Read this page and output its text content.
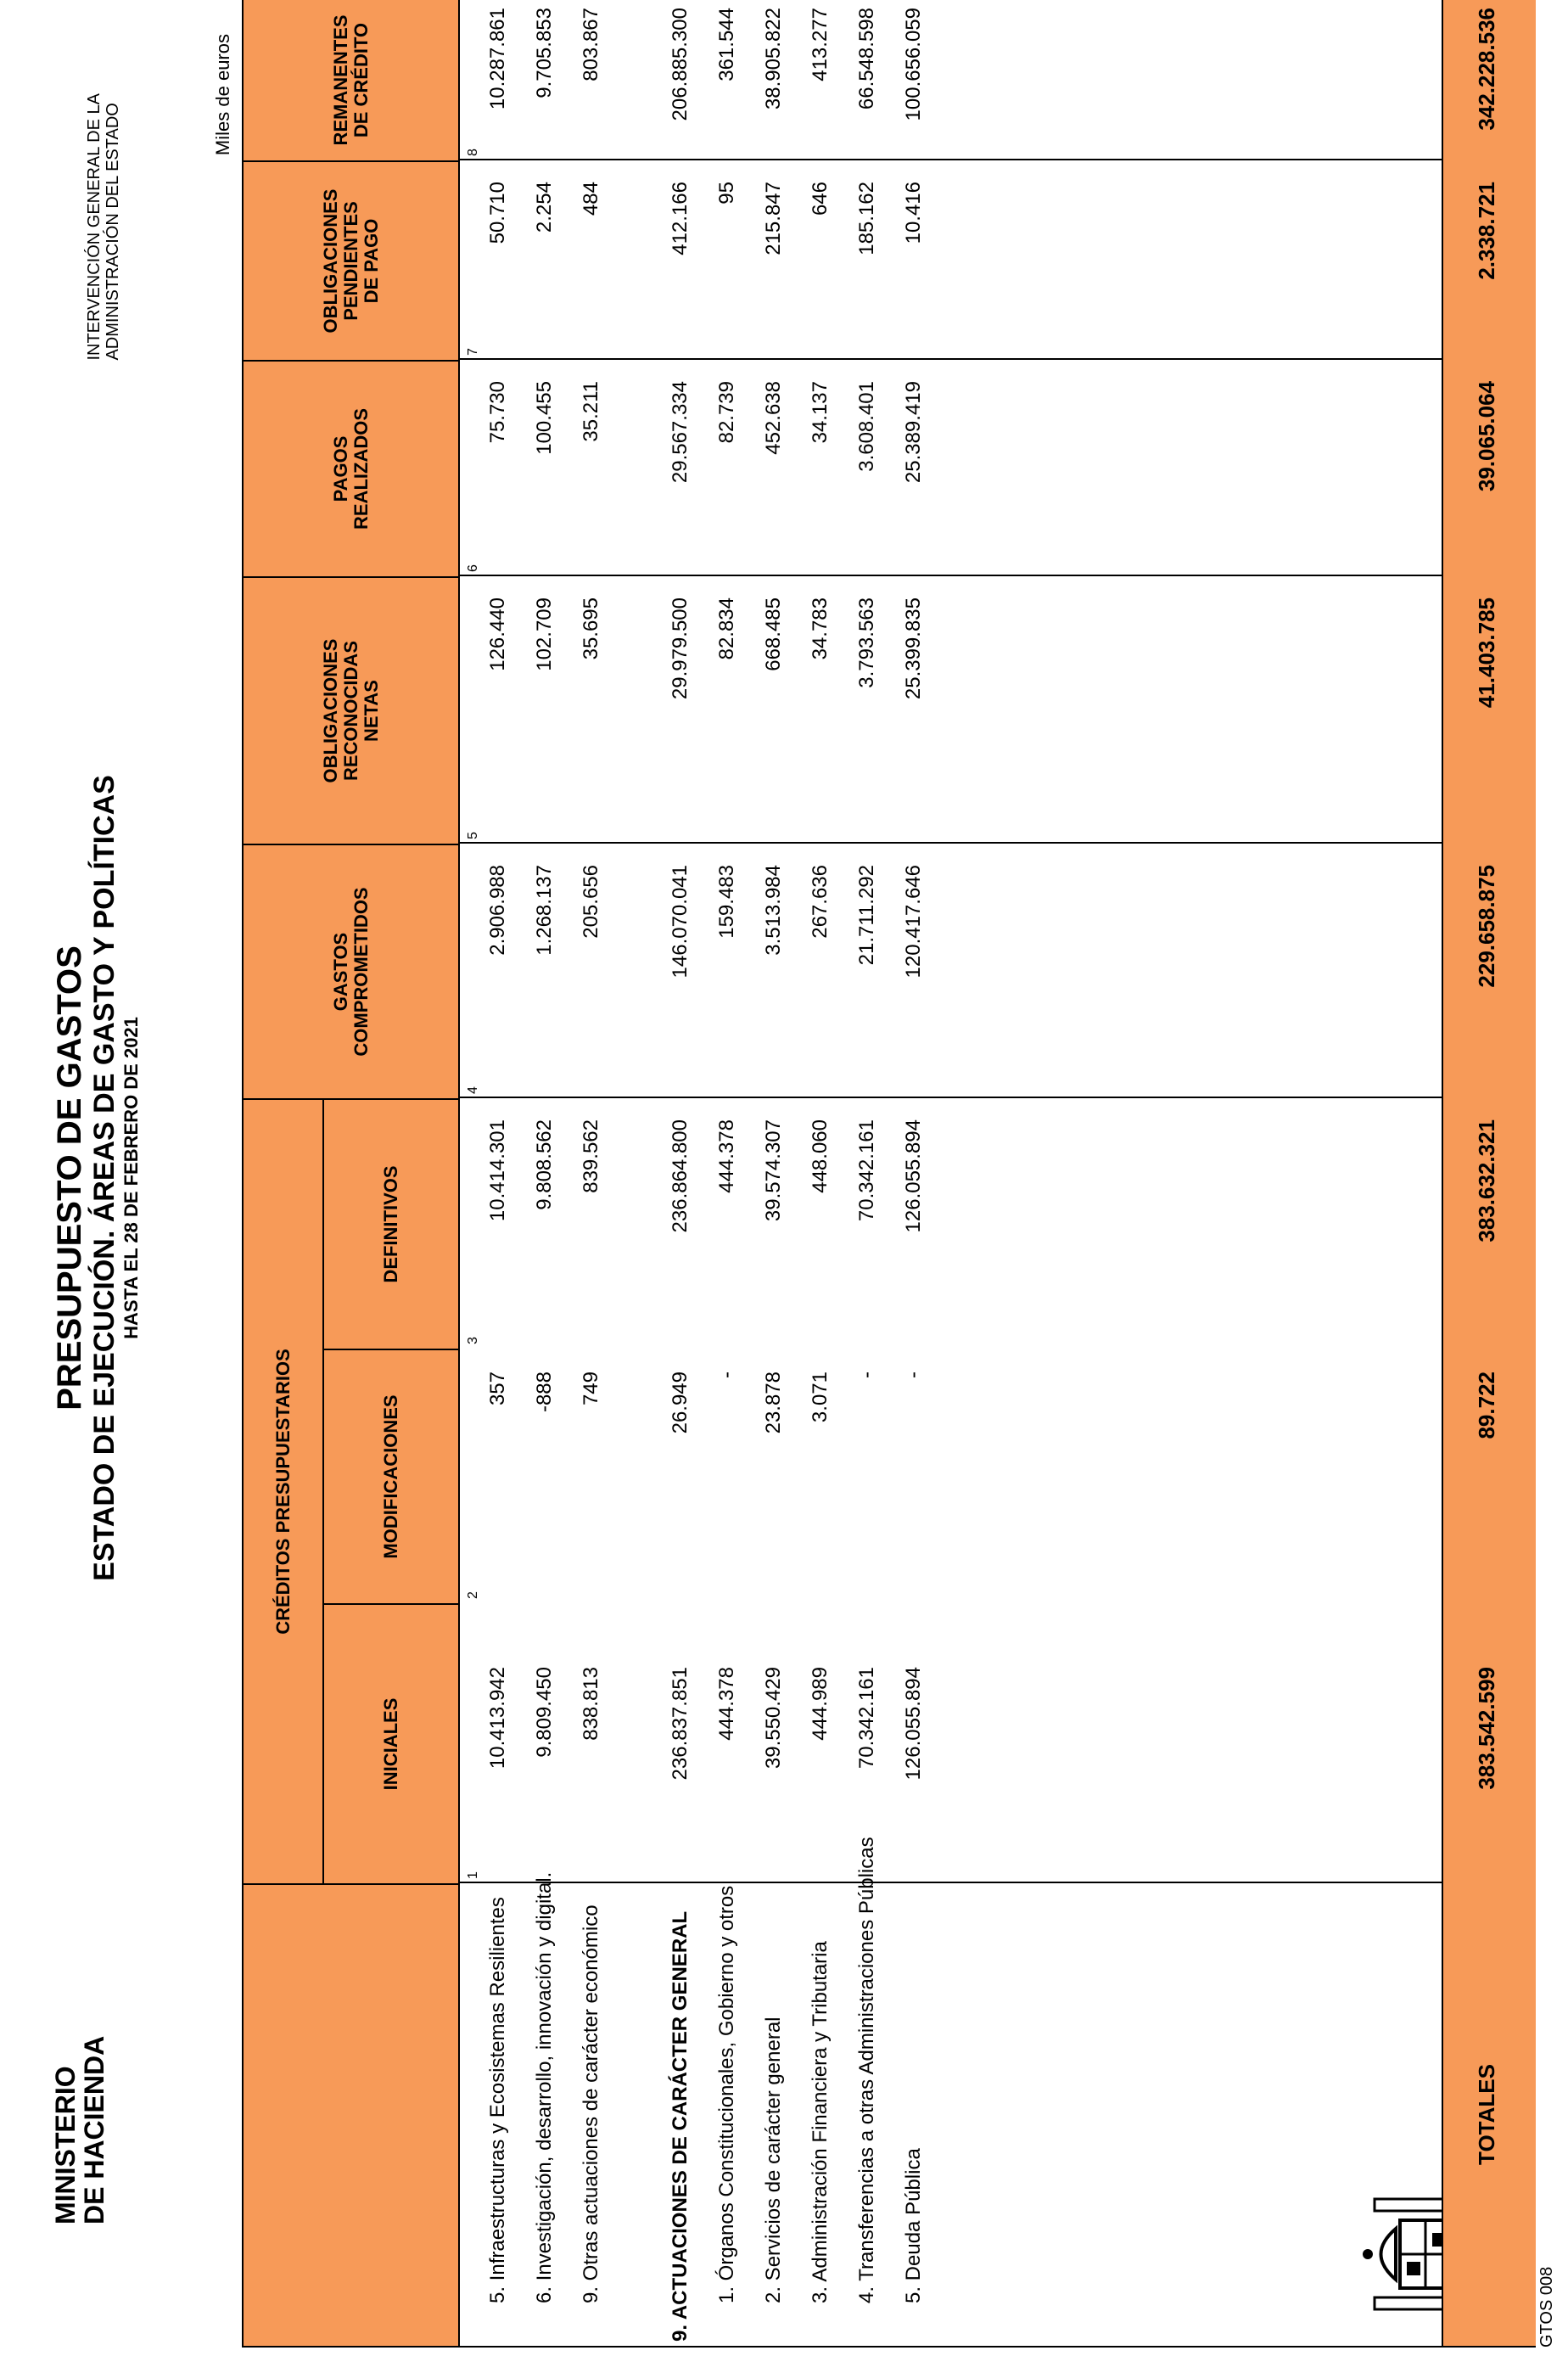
MINISTERIO
DE HACIENDA
PRESUPUESTO DE GASTOS ESTADO DE EJECUCIÓN. ÁREAS DE GASTO Y POLÍTICAS HASTA EL 28 DE FEBRERO DE 2021
INTERVENCIÓN GENERAL DE LA ADMINISTRACIÓN DEL ESTADO
Miles de euros
CRÉDITOS PRESUPUESTARIOS
INICIALES
MODIFICACIONES
DEFINITIVOS
GASTOS COMPROMETIDOS
OBLIGACIONES RECONOCIDAS NETAS
PAGOS REALIZADOS
OBLIGACIONES PENDIENTES DE PAGO
REMANENTES DE CRÉDITO
1
2
3
4
5
6
7
8
5. Infraestructuras y Ecosistemas Resilientes
10.413.942
357
10.414.301
2.906.988
126.440
75.730
50.710
10.287.861
6. Investigación, desarrollo, innovación y digital.
9.809.450
-888
9.808.562
1.268.137
102.709
100.455
2.254
9.705.853
9. Otras actuaciones de carácter económico
838.813
749
839.562
205.656
35.695
35.211
484
803.867
9. ACTUACIONES DE CARÁCTER GENERAL
236.837.851
26.949
236.864.800
146.070.041
29.979.500
29.567.334
412.166
206.885.300
1. Órganos Constitucionales, Gobierno y otros
444.378
-
444.378
159.483
82.834
82.739
95
361.544
2. Servicios de carácter general
39.550.429
23.878
39.574.307
3.513.984
668.485
452.638
215.847
38.905.822
3. Administración Financiera y Tributaria
444.989
3.071
448.060
267.636
34.783
34.137
646
413.277
4. Transferencias a otras Administraciones Públicas
70.342.161
-
70.342.161
21.711.292
3.793.563
3.608.401
185.162
66.548.598
5. Deuda Pública
126.055.894
-
126.055.894
120.417.646
25.399.835
25.389.419
10.416
100.656.059
TOTALES
383.542.599
89.722
383.632.321
229.658.875
41.403.785
39.065.064
2.338.721
342.228.536
GTOS 008
